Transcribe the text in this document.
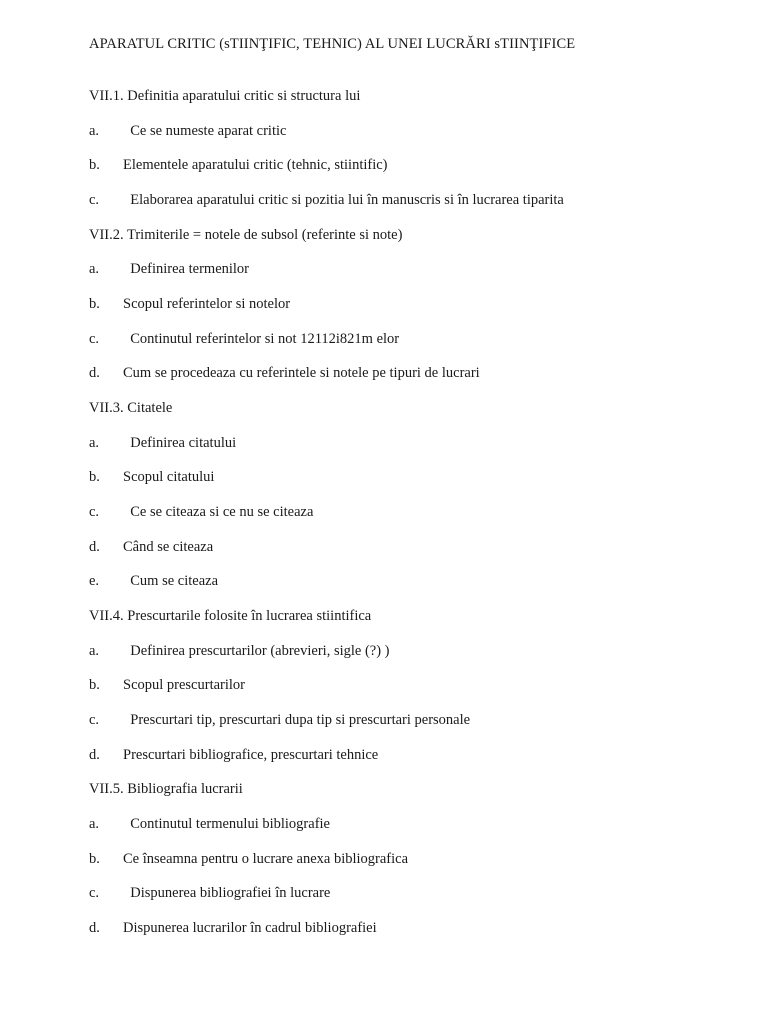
APARATUL CRITIC (sTIINŢIFIC, TEHNIC) AL UNEI LUCRĂRI sTIINŢIFICE
VII.1. Definitia aparatului critic si structura lui
a.	Ce se numeste aparat critic
b.	Elementele aparatului critic (tehnic, stiintific)
c.	Elaborarea aparatului critic si pozitia lui în manuscris si în lucrarea tiparita
VII.2. Trimiterile = notele de subsol (referinte si note)
a.	Definirea termenilor
b.	Scopul referintelor si notelor
c.	Continutul referintelor si not 12112i821m elor
d.	Cum se procedeaza cu referintele si notele pe tipuri de lucrari
VII.3. Citatele
a.	Definirea citatului
b.	Scopul citatului
c.	Ce se citeaza si ce nu se citeaza
d.	Când se citeaza
e.	Cum se citeaza
VII.4. Prescurtarile folosite în lucrarea stiintifica
a.	Definirea prescurtarilor (abrevieri, sigle (?) )
b.	Scopul prescurtarilor
c.	Prescurtari tip, prescurtari dupa tip si prescurtari personale
d.	Prescurtari bibliografice, prescurtari tehnice
VII.5. Bibliografia lucrarii
a.	Continutul termenului bibliografie
b.	Ce înseamna pentru o lucrare anexa bibliografica
c.	Dispunerea bibliografiei în lucrare
d.	Dispunerea lucrarilor în cadrul bibliografiei
